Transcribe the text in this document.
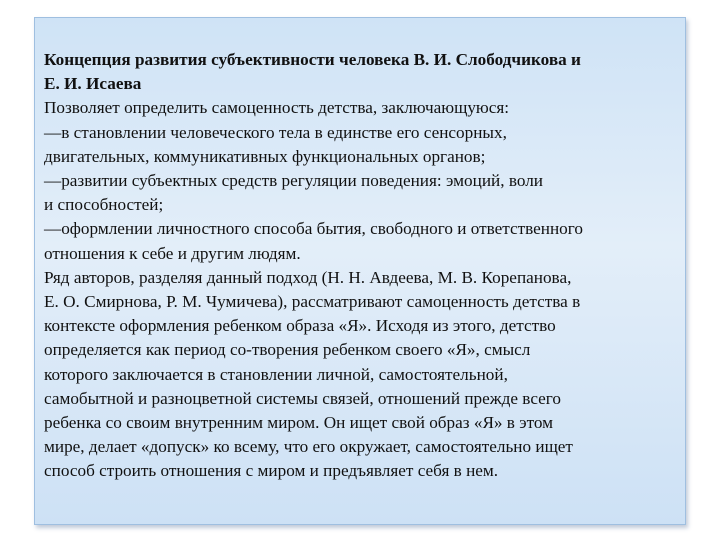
Концепция развития субъективности человека В. И. Слободчикова и
Е. И. Исаева
Позволяет определить самоценность детства, заключающуюся:
—в становлении человеческого тела в единстве его сенсорных,
двигательных, коммуникативных функциональных органов;
—развитии субъектных средств регуляции поведения: эмоций, воли
и способностей;
—оформлении личностного способа бытия, свободного и ответственного
отношения к себе и другим людям.
Ряд авторов, разделяя данный подход (Н. Н. Авдеева, М. В. Корепанова,
Е. О. Смирнова, Р. М. Чумичева), рассматривают самоценность детства в
контексте оформления ребенком образа «Я». Исходя из этого, детство
определяется как период со-творения ребенком своего «Я», смысл
которого заключается в становлении личной, самостоятельной,
самобытной и разноцветной системы связей, отношений прежде всего
ребенка со своим внутренним миром. Он ищет свой образ «Я» в этом
мире, делает «допуск» ко всему, что его окружает, самостоятельно ищет
способ строить отношения с миром и предъявляет себя в нем.
